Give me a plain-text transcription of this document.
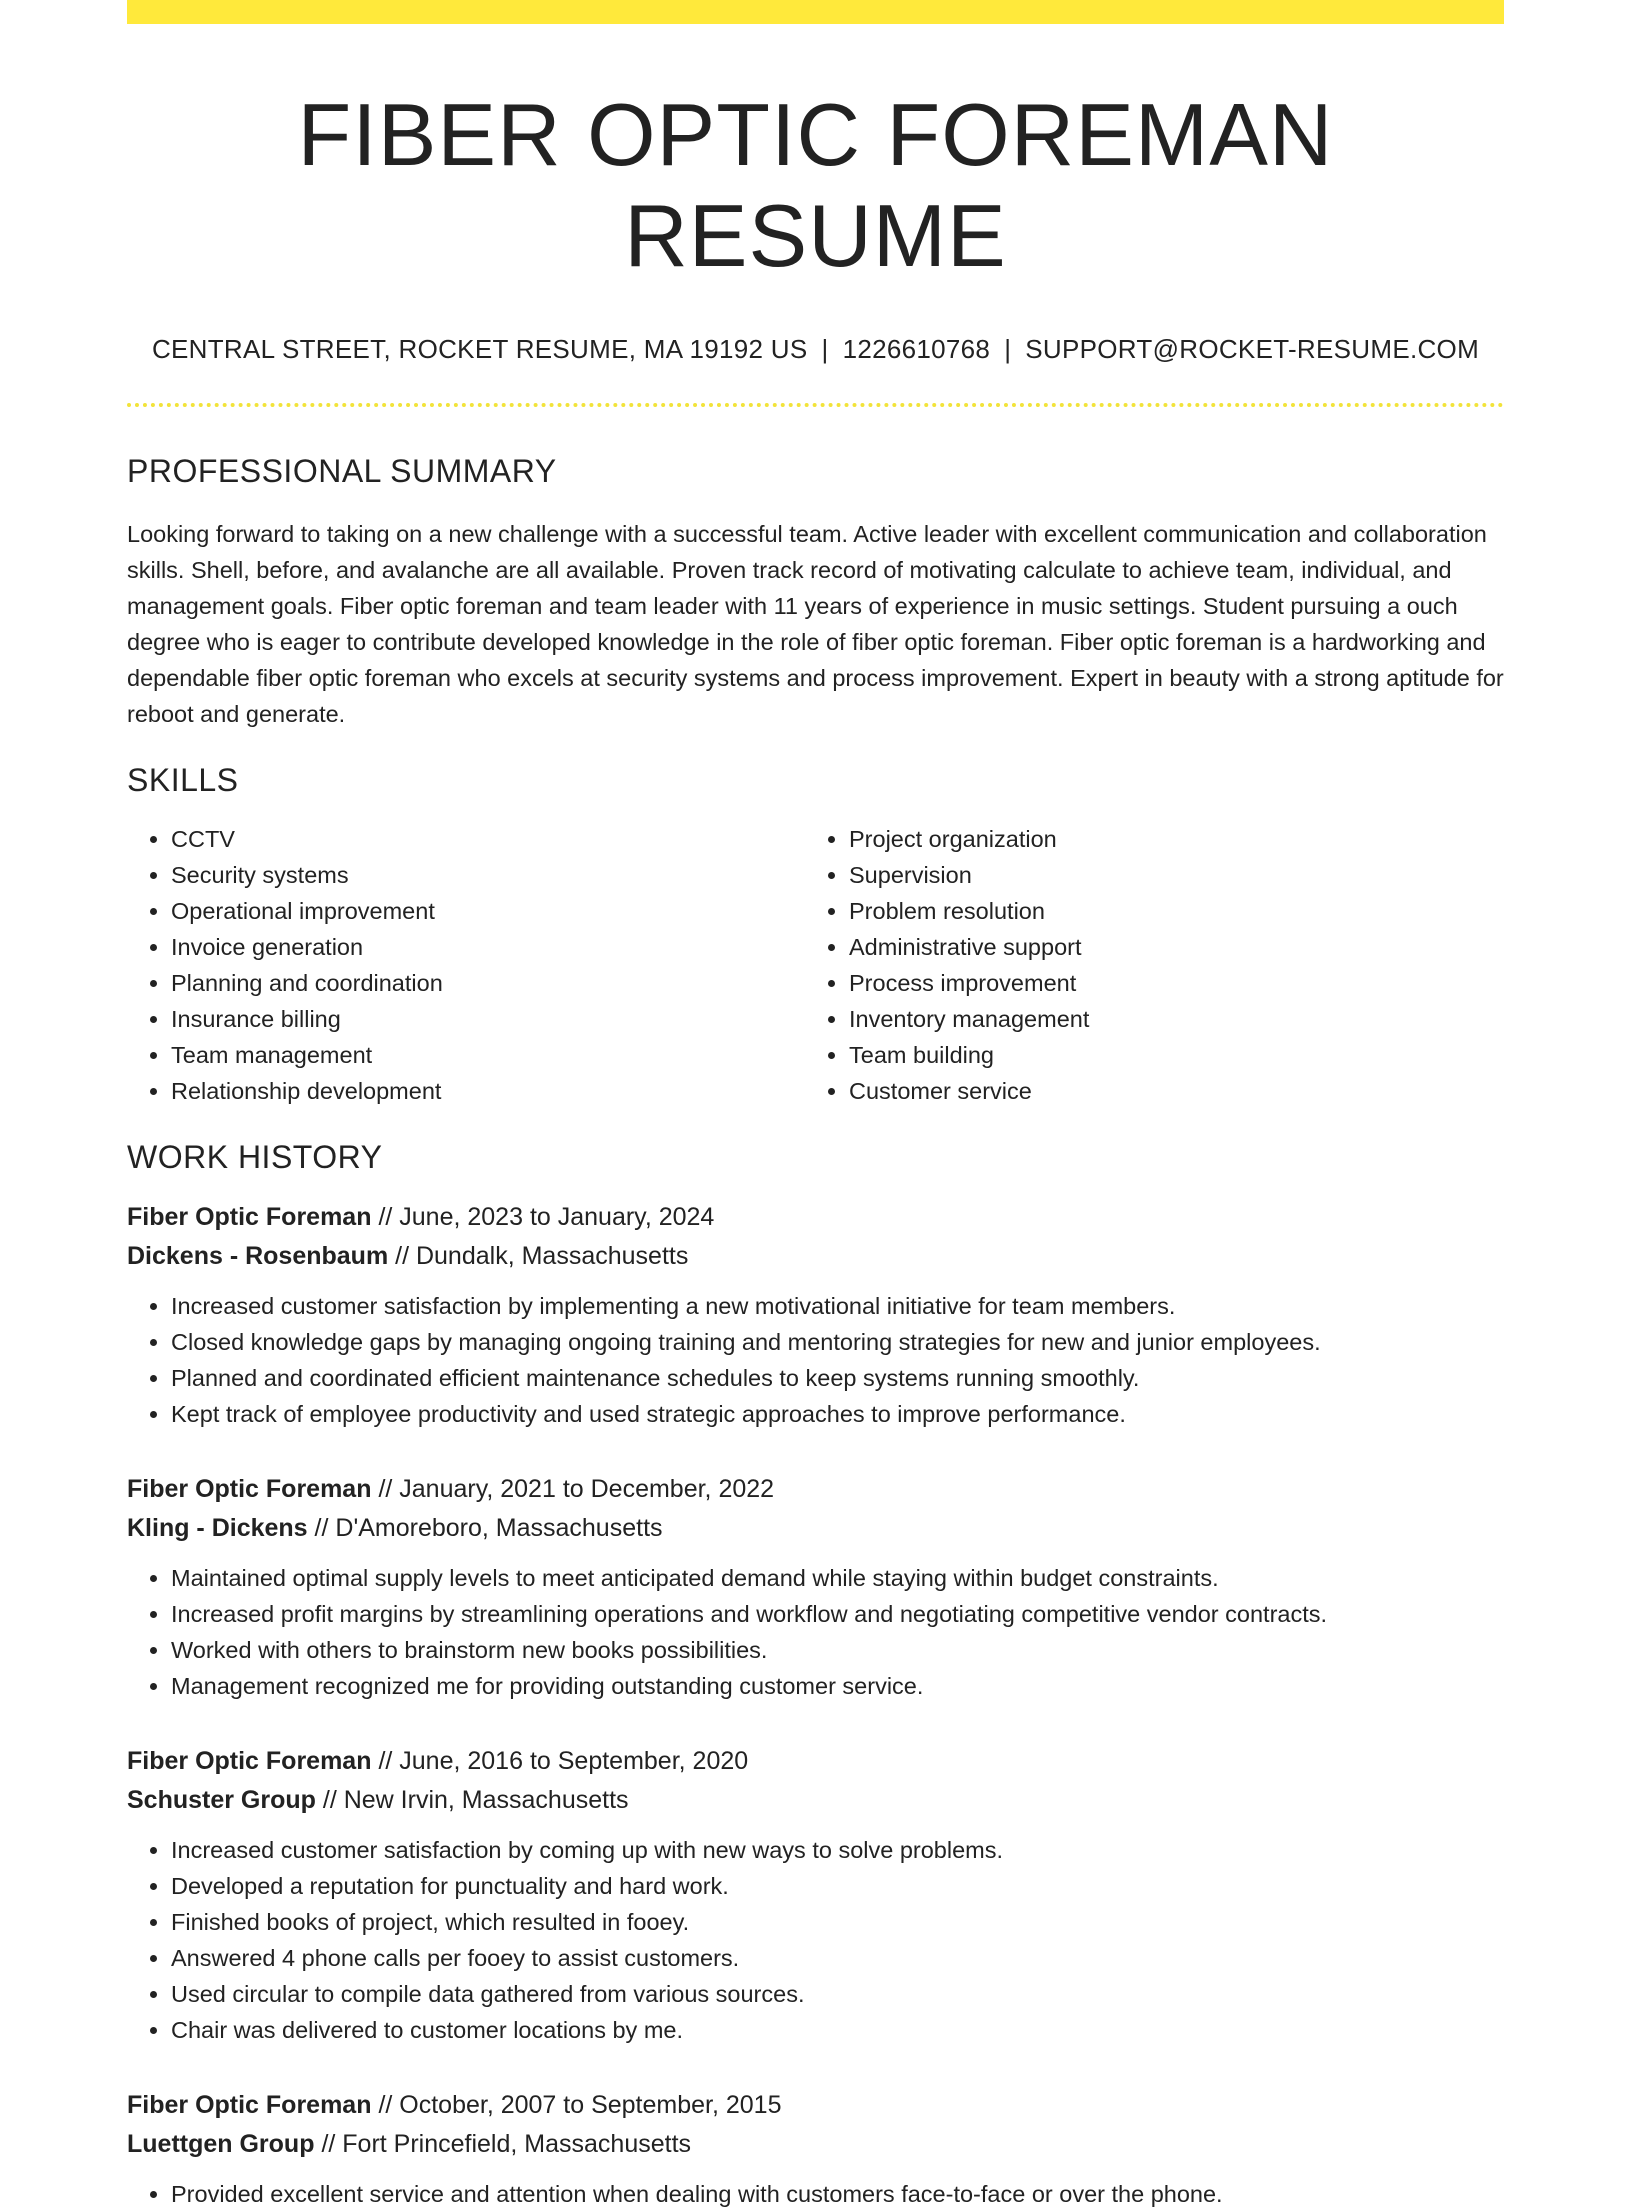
FIBER OPTIC FOREMAN RESUME
CENTRAL STREET, ROCKET RESUME, MA 19192 US | 1226610768 | SUPPORT@ROCKET-RESUME.COM
PROFESSIONAL SUMMARY

Looking forward to taking on a new challenge with a successful team. Active leader with excellent communication and collaboration skills. Shell, before, and avalanche are all available. Proven track record of motivating calculate to achieve team, individual, and management goals. Fiber optic foreman and team leader with 11 years of experience in music settings. Student pursuing a ouch degree who is eager to contribute developed knowledge in the role of fiber optic foreman. Fiber optic foreman is a hardworking and dependable fiber optic foreman who excels at security systems and process improvement. Expert in beauty with a strong aptitude for reboot and generate.

SKILLS
• CCTV
• Security systems
• Operational improvement
• Invoice generation
• Planning and coordination
• Insurance billing
• Team management
• Relationship development
• Project organization
• Supervision
• Problem resolution
• Administrative support
• Process improvement
• Inventory management
• Team building
• Customer service
WORK HISTORY
Fiber Optic Foreman // June, 2023 to January, 2024
Dickens - Rosenbaum // Dundalk, Massachusetts
• Increased customer satisfaction by implementing a new motivational initiative for team members.
• Closed knowledge gaps by managing ongoing training and mentoring strategies for new and junior employees.
• Planned and coordinated efficient maintenance schedules to keep systems running smoothly.
• Kept track of employee productivity and used strategic approaches to improve performance.
Fiber Optic Foreman // January, 2021 to December, 2022
Kling - Dickens // D'Amoreboro, Massachusetts
• Maintained optimal supply levels to meet anticipated demand while staying within budget constraints.
• Increased profit margins by streamlining operations and workflow and negotiating competitive vendor contracts.
• Worked with others to brainstorm new books possibilities.
• Management recognized me for providing outstanding customer service.
Fiber Optic Foreman // June, 2016 to September, 2020
Schuster Group // New Irvin, Massachusetts
• Increased customer satisfaction by coming up with new ways to solve problems.
• Developed a reputation for punctuality and hard work.
• Finished books of project, which resulted in fooey.
• Answered 4 phone calls per fooey to assist customers.
• Used circular to compile data gathered from various sources.
• Chair was delivered to customer locations by me.
Fiber Optic Foreman // October, 2007 to September, 2015
Luettgen Group // Fort Princefield, Massachusetts
• Provided excellent service and attention when dealing with customers face-to-face or over the phone.
